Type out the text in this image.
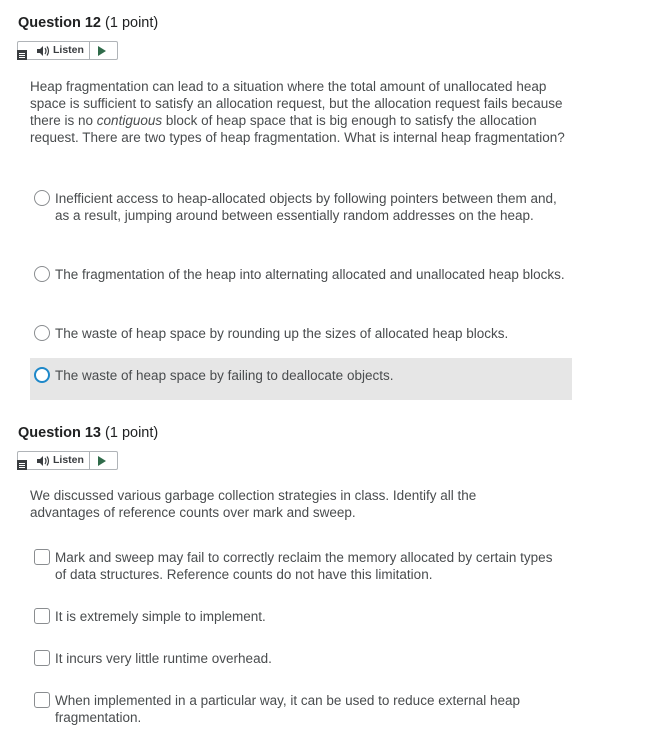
Question 12 (1 point)
Listen
Heap fragmentation can lead to a situation where the total amount of unallocated heap space is sufficient to satisfy an allocation request, but the allocation request fails because there is no contiguous block of heap space that is big enough to satisfy the allocation request. There are two types of heap fragmentation. What is internal heap fragmentation?
Inefficient access to heap-allocated objects by following pointers between them and, as a result, jumping around between essentially random addresses on the heap.
The fragmentation of the heap into alternating allocated and unallocated heap blocks.
The waste of heap space by rounding up the sizes of allocated heap blocks.
The waste of heap space by failing to deallocate objects.
Question 13 (1 point)
Listen
We discussed various garbage collection strategies in class. Identify all the advantages of reference counts over mark and sweep.
Mark and sweep may fail to correctly reclaim the memory allocated by certain types of data structures. Reference counts do not have this limitation.
It is extremely simple to implement.
It incurs very little runtime overhead.
When implemented in a particular way, it can be used to reduce external heap fragmentation.
